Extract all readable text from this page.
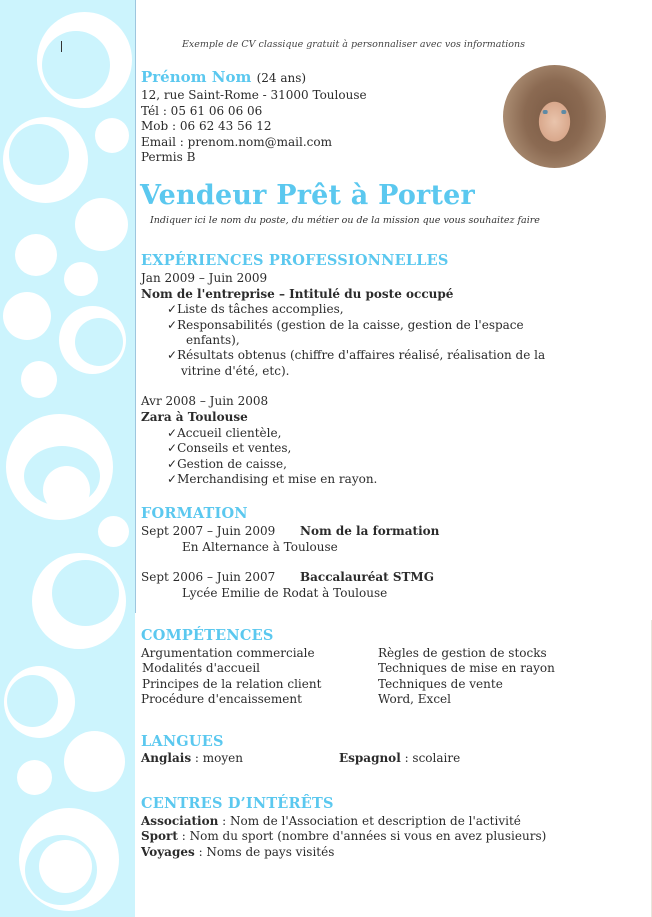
Exemple de CV classique gratuit à personnaliser avec vos informations
Prénom Nom (24 ans)
12, rue Saint-Rome - 31000 Toulouse
Tél : 05 61 06 06 06
Mob : 06 62 43 56 12
Email : prenom.nom@mail.com
Permis B
Vendeur Prêt à Porter
Indiquer ici le nom du poste, du métier ou de la mission que vous souhaitez faire
EXPÉRIENCES PROFESSIONNELLES
Jan 2009 – Juin 2009
Nom de l'entreprise – Intitulé du poste occupé
✓ Liste ds tâches accomplies,
✓ Responsabilités (gestion de la caisse, gestion de l'espace
enfants),
✓ Résultats obtenus (chiffre d'affaires réalisé, réalisation de la
vitrine d'été, etc).
Avr 2008 – Juin 2008
Zara à Toulouse
✓ Accueil clientèle,
✓ Conseils et ventes,
✓ Gestion de caisse,
✓ Merchandising et mise en rayon.
FORMATION
Sept 2007 – Juin 2009 Nom de la formation
En Alternance à Toulouse
Sept 2006 – Juin 2007 Baccalauréat STMG
Lycée Emilie de Rodat à Toulouse
COMPÉTENCES
Argumentation commerciale
Modalités d'accueil
Principes de la relation client
Procédure d'encaissement
Règles de gestion de stocks
Techniques de mise en rayon
Techniques de vente
Word, Excel
LANGUES
Anglais : moyen	Espagnol : scolaire
CENTRES D’INTÉRÊTS
Association : Nom de l'Association et description de l'activité
Sport : Nom du sport (nombre d'années si vous en avez plusieurs)
Voyages : Noms de pays visités
